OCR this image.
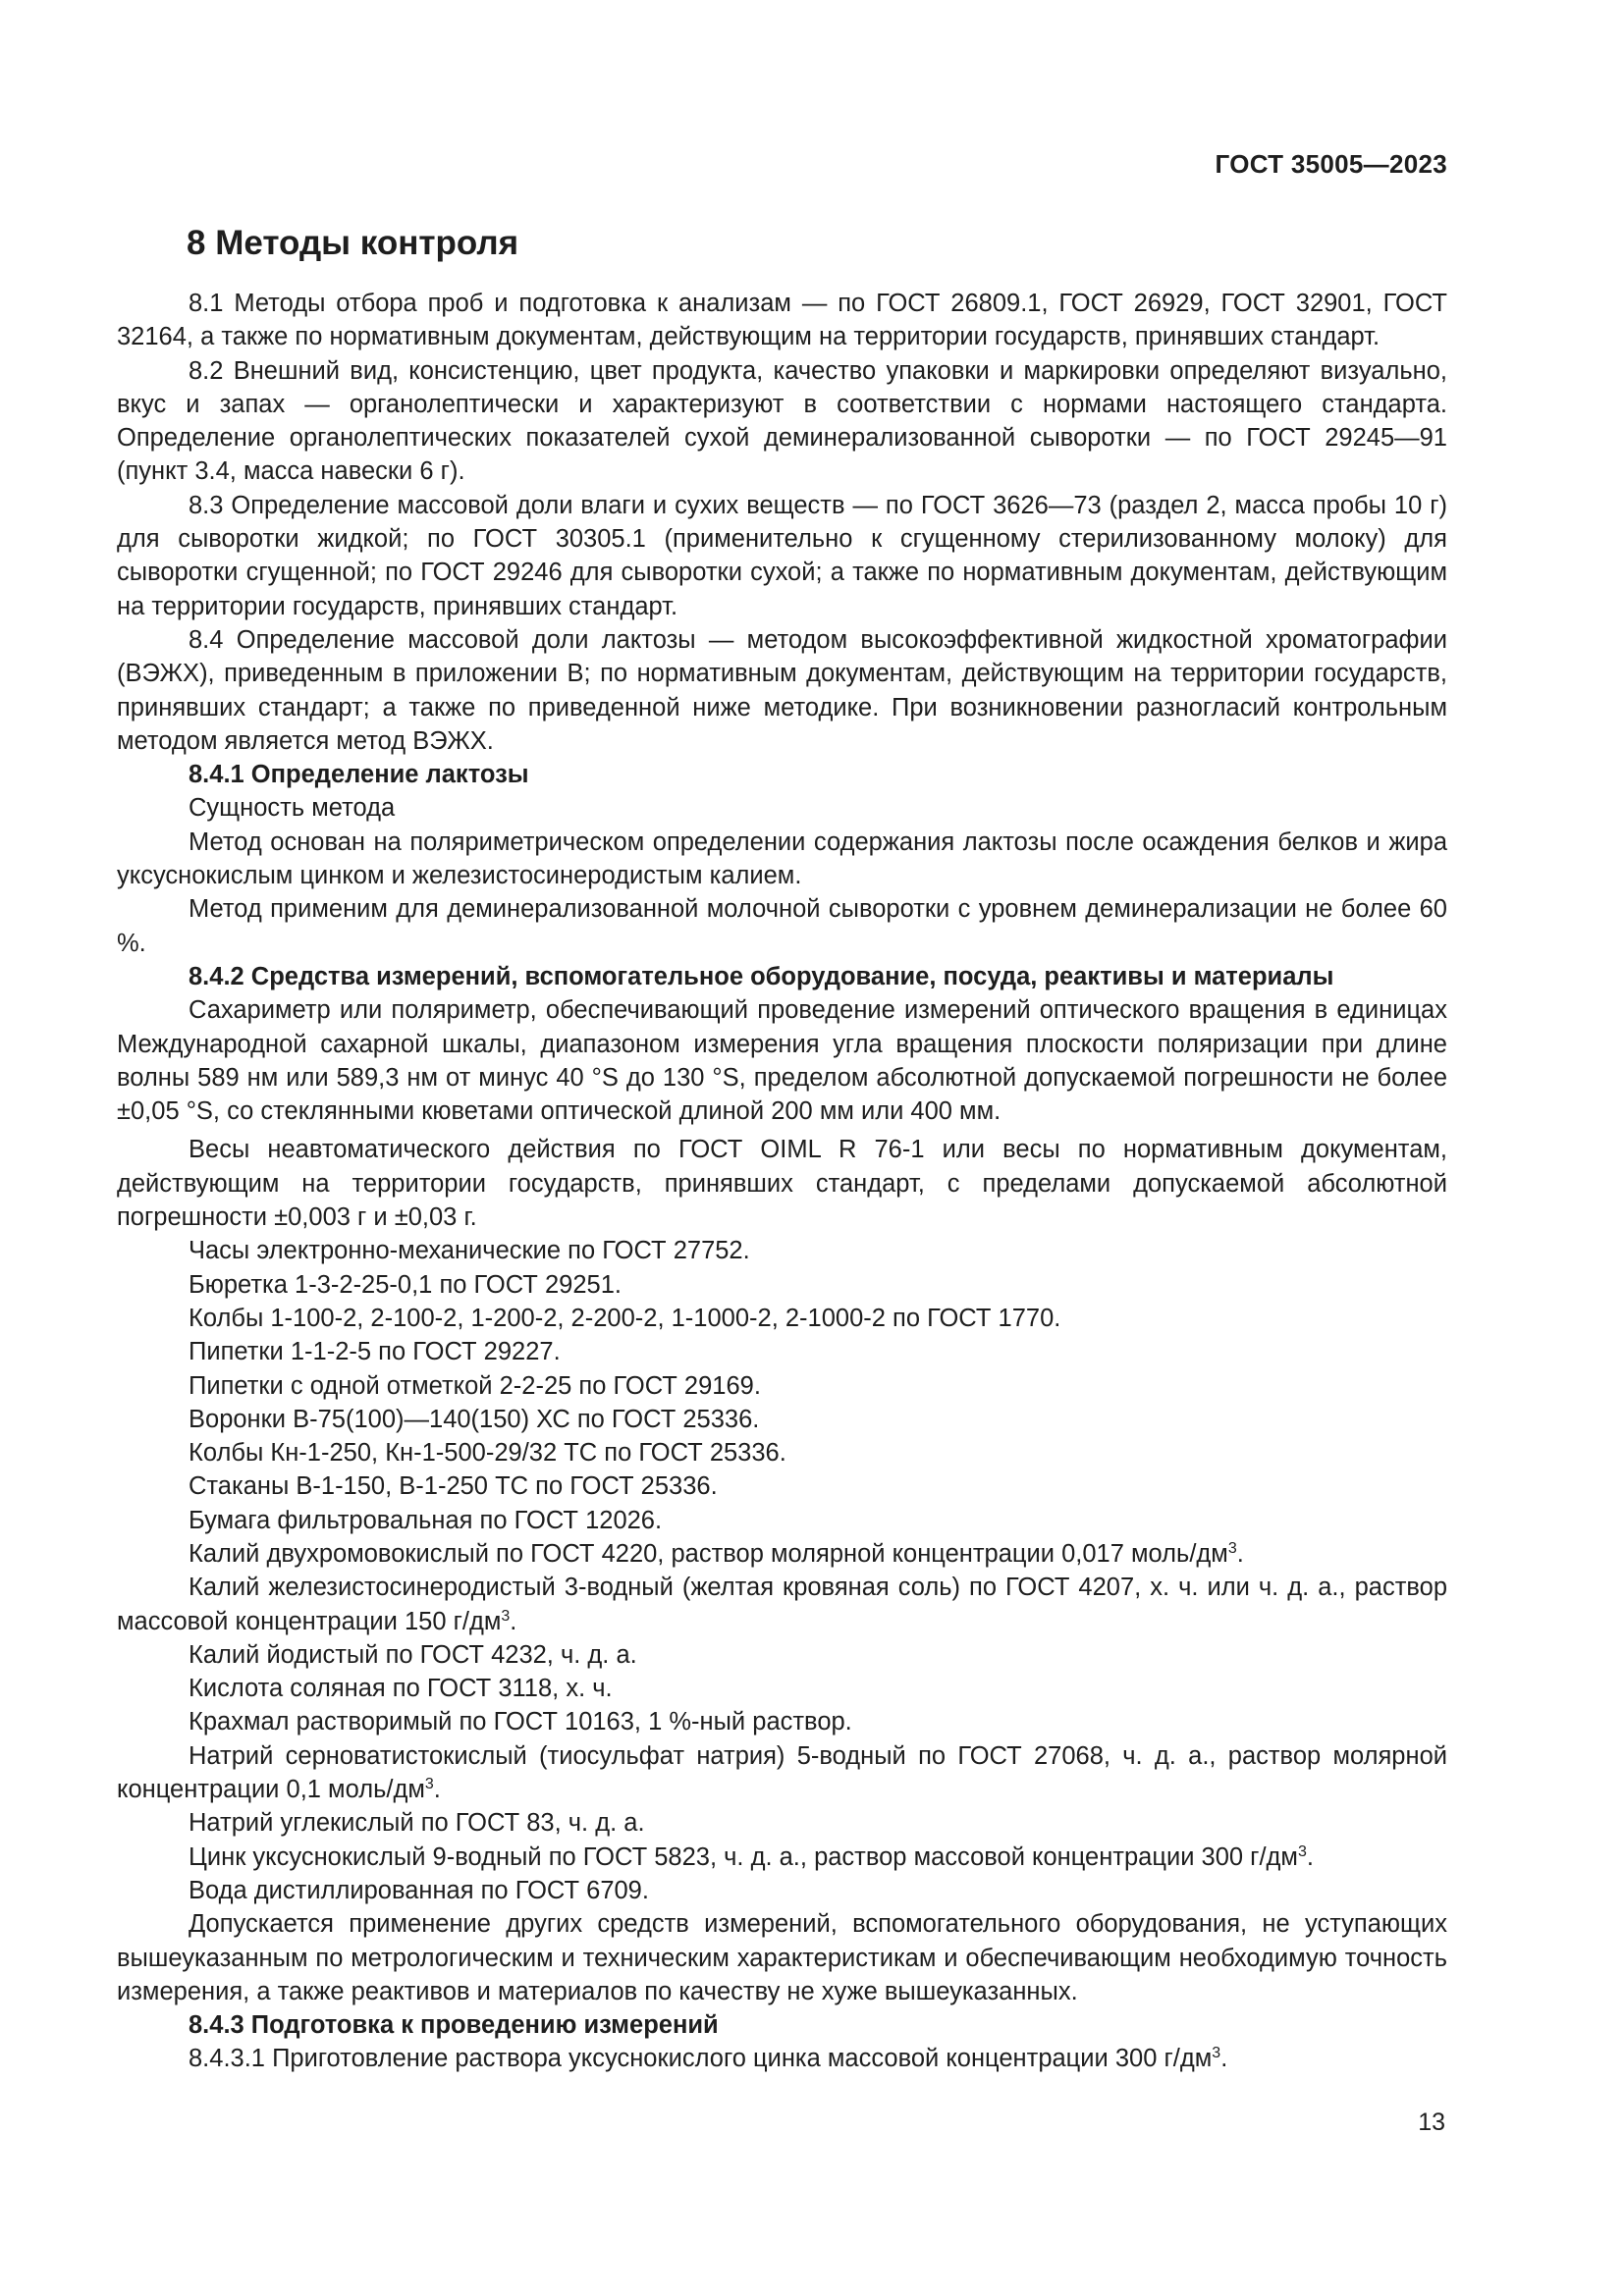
ГОСТ 35005—2023
8 Методы контроля

8.1 Методы отбора проб и подготовка к анализам — по ГОСТ 26809.1, ГОСТ 26929, ГОСТ 32901, ГОСТ 32164, а также по нормативным документам, действующим на территории государств, принявших стандарт.

8.2 Внешний вид, консистенцию, цвет продукта, качество упаковки и маркировки определяют визуально, вкус и запах — органолептически и характеризуют в соответствии с нормами настоящего стандарта. Определение органолептических показателей сухой деминерализованной сыворотки — по ГОСТ 29245—91 (пункт 3.4, масса навески 6 г).

8.3 Определение массовой доли влаги и сухих веществ — по ГОСТ 3626—73 (раздел 2, масса пробы 10 г) для сыворотки жидкой; по ГОСТ 30305.1 (применительно к сгущенному стерилизованному молоку) для сыворотки сгущенной; по ГОСТ 29246 для сыворотки сухой; а также по нормативным документам, действующим на территории государств, принявших стандарт.

8.4 Определение массовой доли лактозы — методом высокоэффективной жидкостной хроматографии (ВЭЖХ), приведенным в приложении В; по нормативным документам, действующим на территории государств, принявших стандарт; а также по приведенной ниже методике. При возникновении разногласий контрольным методом является метод ВЭЖХ.

8.4.1 Определение лактозы

Сущность метода

Метод основан на поляриметрическом определении содержания лактозы после осаждения белков и жира уксуснокислым цинком и железистосинеродистым калием.

Метод применим для деминерализованной молочной сыворотки с уровнем деминерализации не более 60 %.

8.4.2 Средства измерений, вспомогательное оборудование, посуда, реактивы и материалы

Сахариметр или поляриметр, обеспечивающий проведение измерений оптического вращения в единицах Международной сахарной шкалы, диапазоном измерения угла вращения плоскости поляризации при длине волны 589 нм или 589,3 нм от минус 40 °S до 130 °S, пределом абсолютной допускаемой погрешности не более ±0,05 °S, со стеклянными кюветами оптической длиной 200 мм или 400 мм.

Весы неавтоматического действия по ГОСТ OIML R 76-1 или весы по нормативным документам, действующим на территории государств, принявших стандарт, с пределами допускаемой абсолютной погрешности ±0,003 г и ±0,03 г.

Часы электронно-механические по ГОСТ 27752.

Бюретка 1-3-2-25-0,1 по ГОСТ 29251.

Колбы 1-100-2, 2-100-2, 1-200-2, 2-200-2, 1-1000-2, 2-1000-2 по ГОСТ 1770.

Пипетки 1-1-2-5 по ГОСТ 29227.

Пипетки с одной отметкой 2-2-25 по ГОСТ 29169.

Воронки В-75(100)—140(150) ХС по ГОСТ 25336.

Колбы Кн-1-250, Кн-1-500-29/32 ТС по ГОСТ 25336.

Стаканы В-1-150, В-1-250 ТС по ГОСТ 25336.

Бумага фильтровальная по ГОСТ 12026.

Калий двухромовокислый по ГОСТ 4220, раствор молярной концентрации 0,017 моль/$дм^3$.

Калий железистосинеродистый 3-водный (желтая кровяная соль) по ГОСТ 4207, х. ч. или ч. д. а., раствор массовой концентрации 150 $г/дм^3$.

Калий йодистый по ГОСТ 4232, ч. д. а.

Кислота соляная по ГОСТ 3118, х. ч.

Крахмал растворимый по ГОСТ 10163, 1 %-ный раствор.

Натрий серноватистокислый (тиосульфат натрия) 5-водный по ГОСТ 27068, ч. д. а., раствор молярной концентрации 0,1 моль/$дм^3$.

Натрий углекислый по ГОСТ 83, ч. д. а.

Цинк уксуснокислый 9-водный по ГОСТ 5823, ч. д. а., раствор массовой концентрации 300 $г/дм^3$.

Вода дистиллированная по ГОСТ 6709.

Допускается применение других средств измерений, вспомогательного оборудования, не уступающих вышеуказанным по метрологическим и техническим характеристикам и обеспечивающим необходимую точность измерения, а также реактивов и материалов по качеству не хуже вышеуказанных.

8.4.3 Подготовка к проведению измерений

8.4.3.1 Приготовление раствора уксуснокислого цинка массовой концентрации 300 $г/дм^3$.

13
